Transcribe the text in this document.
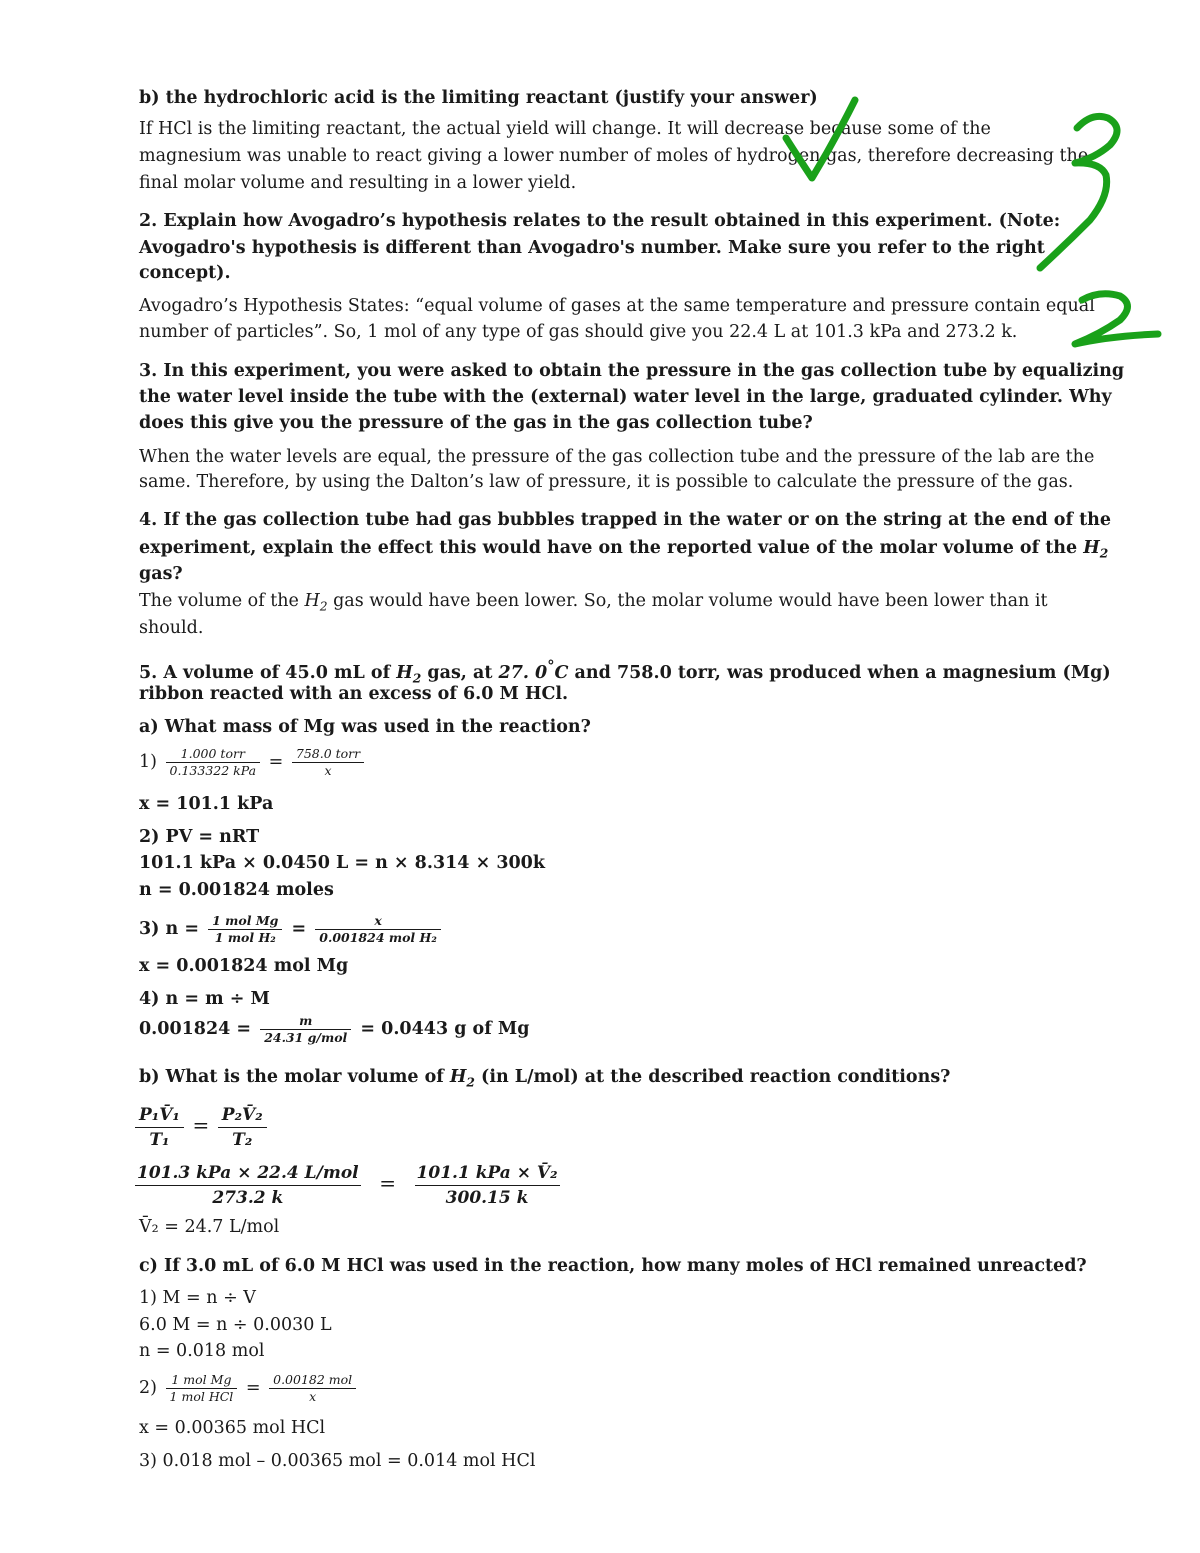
b) the hydrochloric acid is the limiting reactant (justify your answer)
If HCl is the limiting reactant, the actual yield will change. It will decrease because some of the
magnesium was unable to react giving a lower number of moles of hydrogen gas, therefore decreasing the
final molar volume and resulting in a lower yield.
2. Explain how Avogadro’s hypothesis relates to the result obtained in this experiment. (Note:
Avogadro's hypothesis is different than Avogadro's number. Make sure you refer to the right
concept).
Avogadro’s Hypothesis States: “equal volume of gases at the same temperature and pressure contain equal
number of particles”. So, 1 mol of any type of gas should give you 22.4 L at 101.3 kPa and 273.2 k.
3. In this experiment, you were asked to obtain the pressure in the gas collection tube by equalizing
the water level inside the tube with the (external) water level in the large, graduated cylinder. Why
does this give you the pressure of the gas in the gas collection tube?
When the water levels are equal, the pressure of the gas collection tube and the pressure of the lab are the
same. Therefore, by using the Dalton’s law of pressure, it is possible to calculate the pressure of the gas.
4. If the gas collection tube had gas bubbles trapped in the water or on the string at the end of the
experiment, explain the effect this would have on the reported value of the molar volume of the $H_2$
gas?
The volume of the $H_2$ gas would have been lower. So, the molar volume would have been lower than it
should.
5. A volume of 45.0 mL of $H_2$ gas, at 27. 0°C and 758.0 torr, was produced when a magnesium (Mg)
ribbon reacted with an excess of 6.0 M HCl.
a) What mass of Mg was used in the reaction?
$1) \frac{\text{1.000 torr}}{\text{0.133322 kPa}} = \frac{\text{758.0 torr}}{x}$
x = 101.1 kPa
2) PV = nRT
101.1 kPa × 0.0450 L = n × 8.314 × 300k
n = 0.001824 moles
3) $n = \frac{\text{1 mol Mg}}{\text{1 mol H₂}} = \frac{x}{\text{0.001824 mol H₂}}$
x = 0.001824 mol Mg
4) n = m ÷ M
$0.001824 = \frac{m}{\text{24.31 g/mol}} = 0.0443$ g of Mg
b) What is the molar volume of $H_2$ (in L/mol) at the described reaction conditions?
$\frac{\text{P₁V̄₁}}{\text{T₁}} = \frac{\text{P₂V̄₂}}{\text{T₂}}$
$\frac{\text{101.3 kPa × 22.4 L/mol}}{273.2 k} = \frac{\text{101.1 kPa × V̄₂}}{300.15 k}$
V̄₂ = 24.7 L/mol
c) If 3.0 mL of 6.0 M HCl was used in the reaction, how many moles of HCl remained unreacted?
1) M = n ÷ V
6.0 M = n ÷ 0.0030 L
n = 0.018 mol
$2) \frac{\text{1 mol Mg}}{\text{1 mol HCl}} = \frac{\text{0.00182 mol}}{x}$
x = 0.00365 mol HCl
3) 0.018 mol – 0.00365 mol = 0.014 mol HCl
